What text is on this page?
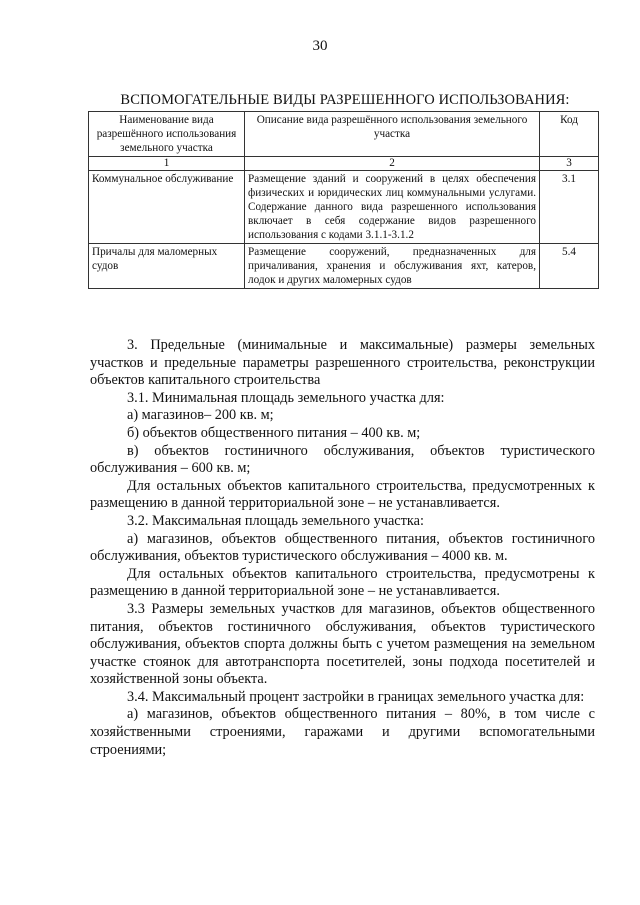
30
ВСПОМОГАТЕЛЬНЫЕ ВИДЫ РАЗРЕШЕННОГО ИСПОЛЬЗОВАНИЯ:
Наименование вида разрешённого использования земельного участка	Описание вида разрешённого использования земельного участка	Код
1	2	3
Коммунальное обслуживание	Размещение зданий и сооружений в целях обеспечения физических и юридических лиц коммунальными услугами. Содержание данного вида разрешенного использования включает в себя содержание видов разрешенного использования с кодами 3.1.1-3.1.2	3.1
Причалы для маломерных судов	Размещение сооружений, предназначенных для причаливания, хранения и обслуживания яхт, катеров, лодок и других маломерных судов	5.4

3. Предельные (минимальные и максимальные) размеры земельных участков и предельные параметры разрешенного строительства, реконструкции объектов капитального строительства

3.1. Минимальная площадь земельного участка для:

а) магазинов– 200 кв. м;

б) объектов общественного питания – 400 кв. м;

в) объектов гостиничного обслуживания, объектов туристического обслуживания – 600 кв. м;

Для остальных объектов капитального строительства, предусмотренных к размещению в данной территориальной зоне – не устанавливается.

3.2. Максимальная площадь земельного участка:

а) магазинов, объектов общественного питания, объектов гостиничного обслуживания, объектов туристического обслуживания – 4000 кв. м.

Для остальных объектов капитального строительства, предусмотрены к размещению в данной территориальной зоне – не устанавливается.

3.3 Размеры земельных участков для магазинов, объектов общественного питания, объектов гостиничного обслуживания, объектов туристического обслуживания, объектов спорта должны быть с учетом размещения на земельном участке стоянок для автотранспорта посетителей, зоны подхода посетителей и хозяйственной зоны объекта.

3.4. Максимальный процент застройки в границах земельного участка для:

а) магазинов, объектов общественного питания – 80%, в том числе с хозяйственными строениями, гаражами и другими вспомогательными строениями;
